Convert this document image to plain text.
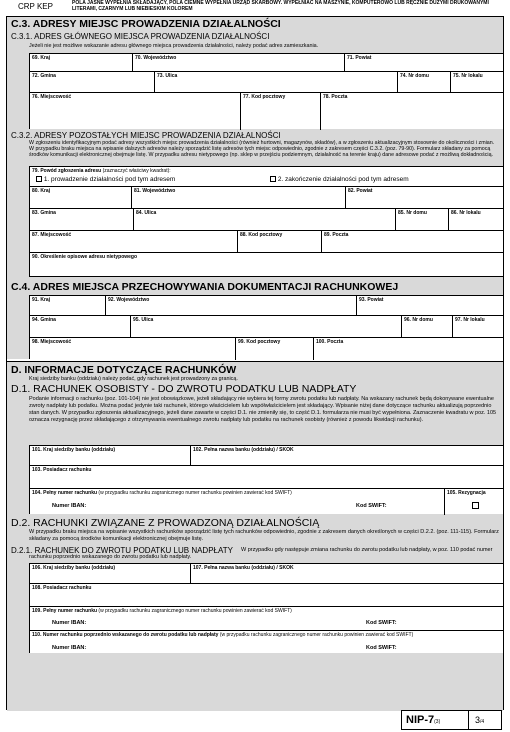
CRP KEP	POLA JASNE WYPEŁNIA SKŁADAJĄCY, POLA CIEMNE WYPEŁNIA URZĄD SKARBOWY. WYPEŁNIAĆ NA MASZYNIE, KOMPUTEROWO LUB RĘCZNIE DUŻYMI DRUKOWANYMI LITERAMI, CZARNYM LUB NIEBIESKIM KOLOREM
C.3. ADRESY MIEJSC PROWADZENIA DZIAŁALNOŚCI
C.3.1. ADRES GŁÓWNEGO MIEJSCA PROWADZENIA DZIAŁALNOŚCI
Jeżeli nie jest możliwe wskazanie adresu głównego miejsca prowadzenia działalności, należy podać adres zamieszkania.
69. Kraj	70. Województwo	71. Powiat
72. Gmina	73. Ulica	74. Nr domu	75. Nr lokalu
76. Miejscowość	77. Kod pocztowy	78. Poczta
C.3.2. ADRESY POZOSTAŁYCH MIEJSC PROWADZENIA DZIAŁALNOŚCI
W zgłoszeniu identyfikacyjnym podać adresy wszystkich miejsc prowadzenia działalności (również hurtowni, magazynów, składów), a w zgłoszeniu aktualizacyjnym stosownie do okoliczności i zmian. W przypadku braku miejsca na wpisanie dalszych adresów należy sporządzić listę adresów tych miejsc odpowiednio, zgodnie z zakresem części C.3.2. (poz. 79-90). Formularz składany za pomocą środków komunikacji elektronicznej obejmuje listę. W przypadku adresu nietypowego (np. sklep w przejściu podziemnym, działalność na terenie kraju) dane adresowe podać z możliwą dokładnością.
79. Powód zgłoszenia adresu (zaznaczyć właściwy kwadrat):
1. prowadzenie działalności pod tym adresem	2. zakończenie działalności pod tym adresem
80. Kraj	81. Województwo	82. Powiat
83. Gmina	84. Ulica	85. Nr domu	86. Nr lokalu
87. Miejscowość	88. Kod pocztowy	89. Poczta
90. Określenie opisowe adresu nietypowego
C.4. ADRES MIEJSCA PRZECHOWYWANIA DOKUMENTACJI RACHUNKOWEJ
91. Kraj	92. Województwo	93. Powiat
94. Gmina	95. Ulica	96. Nr domu	97. Nr lokalu
98. Miejscowość	99. Kod pocztowy	100. Poczta
D. INFORMACJE DOTYCZĄCE RACHUNKÓW
Kraj siedziby banku (oddziału) należy podać, gdy rachunek jest prowadzony za granicą.
D.1. RACHUNEK OSOBISTY - DO ZWROTU PODATKU LUB NADPŁATY
Podanie informacji o rachunku (poz. 101-104) nie jest obowiązkowe, jeżeli składający nie wybiera tej formy zwrotu podatku lub nadpłaty. Na wskazany rachunek będą dokonywane ewentualne zwroty nadpłaty lub podatku. Można podać jedynie taki rachunek, którego właścicielem lub współwłaścicielem jest składający. Wpisanie niżej dane dotyczące rachunku aktualizują poprzednio stan danych. W przypadku zgłoszenia aktualizacyjnego, jeżeli dane zawarte w części D.1. nie zmieniły się, to część D.1. formularza nie musi być wypełniona. Zaznaczenie kwadratu w poz. 105 oznacza rezygnację przez składającego z otrzymywania ewentualnego zwrotu nadpłaty lub podatku na rachunek osobisty (również z powodu likwidacji rachunku).
101. Kraj siedziby banku (oddziału)	102. Pełna nazwa banku (oddziału) / SKOK
103. Posiadacz rachunku
104. Pełny numer rachunku (w przypadku rachunku zagranicznego numer rachunku powinien zawierać kod SWIFT)
Numer IBAN:	Kod SWIFT:
105. Rezygnacja
D.2. RACHUNKI ZWIĄZANE Z PROWADZONĄ DZIAŁALNOŚCIĄ
W przypadku braku miejsca na wpisanie wszystkich rachunków sporządzić listę tych rachunków odpowiednio, zgodnie z zakresem danych określonych w części D.2.2. (poz. 111-115). Formularz składany za pomocą środków komunikacji elektronicznej obejmuje listę.
D.2.1. RACHUNEK DO ZWROTU PODATKU LUB NADPŁATY	W przypadku gdy następuje zmiana rachunku do zwrotu podatku lub nadpłaty, w poz. 110 podać numer rachunku poprzednio wskazanego do zwrotu podatku lub nadpłaty.
106. Kraj siedziby banku (oddziału)	107. Pełna nazwa banku (oddziału) / SKOK
108. Posiadacz rachunku
109. Pełny numer rachunku (w przypadku rachunku zagranicznego numer rachunku powinien zawierać kod SWIFT)
Numer IBAN:	Kod SWIFT:
110. Numer rachunku poprzednio wskazanego do zwrotu podatku lub nadpłaty (w przypadku rachunku zagranicznego numer rachunku powinien zawierać kod SWIFT)
Numer IBAN:	Kod SWIFT:
NIP-7(3)	3/4
